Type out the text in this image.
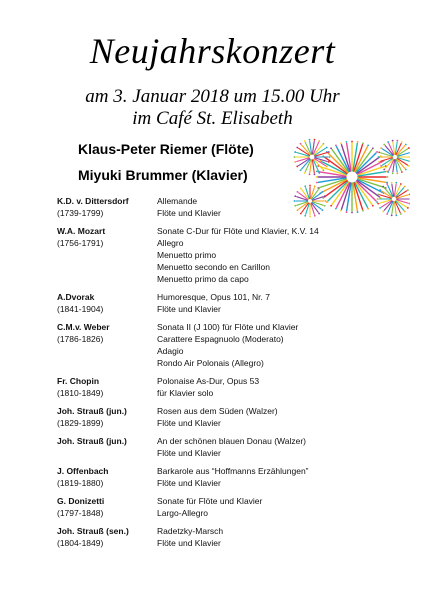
Neujahrskonzert
am 3. Januar 2018 um 15.00 Uhr
im Café St. Elisabeth
Klaus-Peter Riemer (Flöte)
Miyuki Brummer (Klavier)
K.D. v. Dittersdorf
(1739-1799)
Allemande
Flöte und Klavier
W.A. Mozart
(1756-1791)
Sonate C-Dur für Flöte und Klavier, K.V. 14
Allegro
Menuetto primo
Menuetto secondo en Carillon
Menuetto primo da capo
A.Dvorak
(1841-1904)
Humoresque, Opus 101, Nr. 7
Flöte und Klavier
C.M.v. Weber
(1786-1826)
Sonata II (J 100) für Flöte und Klavier
Carattere Espagnuolo (Moderato)
Adagio
Rondo Air Polonais (Allegro)
Fr. Chopin
(1810-1849)
Polonaise As-Dur, Opus 53
für Klavier solo
Joh. Strauß (jun.)
(1829-1899)
Rosen aus dem Süden (Walzer)
Flöte und Klavier
Joh. Strauß (jun.)	An der schönen blauen Donau (Walzer)
Flöte und Klavier
J. Offenbach
(1819-1880)
Barkarole aus “Hoffmanns Erzählungen”
Flöte und Klavier
G. Donizetti
(1797-1848)
Sonate für Flöte und Klavier
Largo-Allegro
Joh. Strauß (sen.)
(1804-1849)
Radetzky-Marsch
Flöte und Klavier
